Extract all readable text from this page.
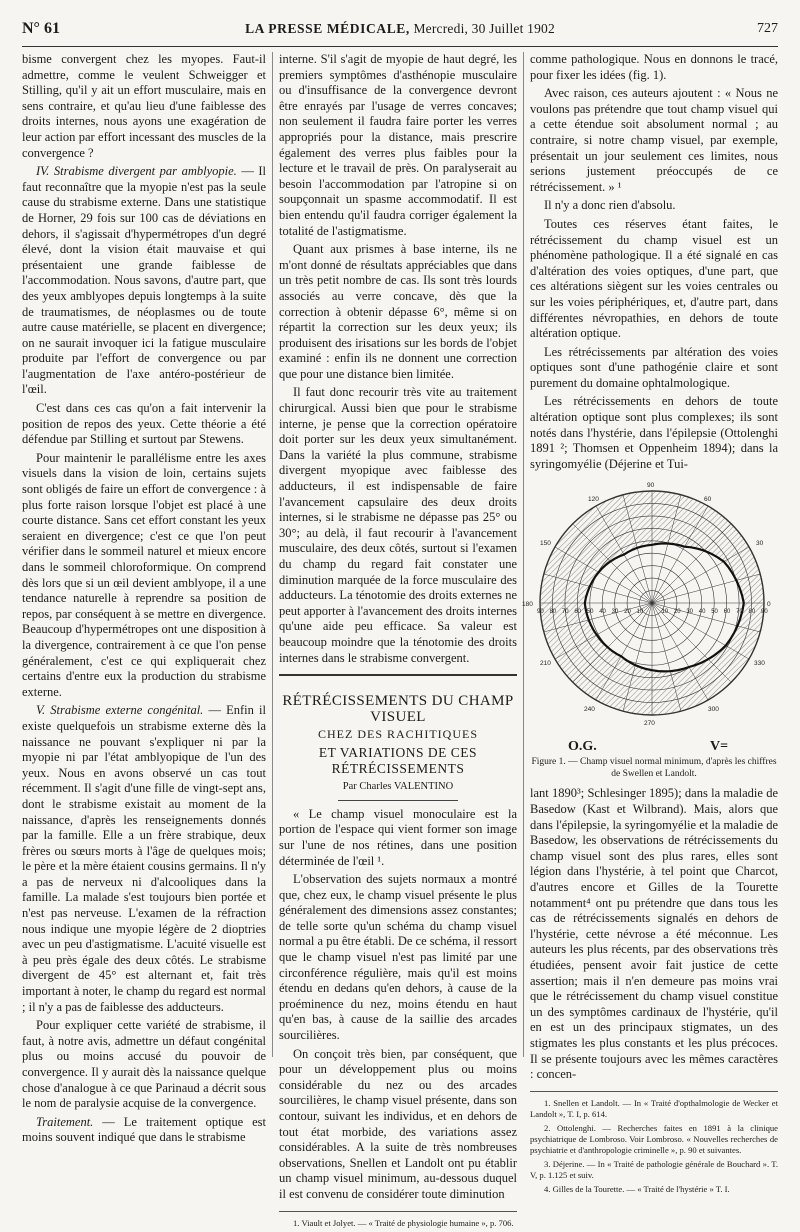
N° 61	LA PRESSE MÉDICALE, Mercredi, 30 Juillet 1902	727

bisme convergent chez les myopes. Faut-il admettre, comme le veulent Schweigger et Stilling, qu'il y ait un effort musculaire, mais en sens contraire, et qu'au lieu d'une faiblesse des droits internes, nous ayons une exagération de leur action par effort incessant des muscles de la convergence ?

IV. Strabisme divergent par amblyopie. — Il faut reconnaître que la myopie n'est pas la seule cause du strabisme externe. Dans une statistique de Horner, 29 fois sur 100 cas de déviations en dehors, il s'agissait d'hypermétropes d'un degré élevé, dont la vision était mauvaise et qui présentaient une grande faiblesse de l'accommodation. Nous savons, d'autre part, que des yeux amblyopes depuis longtemps à la suite de traumatismes, de néoplasmes ou de toute autre cause matérielle, se placent en divergence; on ne saurait invoquer ici la fatigue musculaire produite par l'effort de convergence ou par l'augmentation de l'axe antéro-postérieur de l'œil.

C'est dans ces cas qu'on a fait intervenir la position de repos des yeux. Cette théorie a été défendue par Stilling et surtout par Stewens.

Pour maintenir le parallélisme entre les axes visuels dans la vision de loin, certains sujets sont obligés de faire un effort de convergence : à plus forte raison lorsque l'objet est placé à une courte distance. Sans cet effort constant les yeux seraient en divergence; c'est ce que l'on peut vérifier dans le sommeil naturel et mieux encore dans le sommeil chloroformique. On comprend dès lors que si un œil devient amblyope, il a une tendance naturelle à reprendre sa position de repos, par conséquent à se mettre en divergence. Beaucoup d'hypermétropes ont une disposition à la divergence, contrairement à ce que l'on pense généralement, c'est ce qui expliquerait chez certains d'entre eux la production du strabisme externe.

V. Strabisme externe congénital. — Enfin il existe quelquefois un strabisme externe dès la naissance ne pouvant s'expliquer ni par la myopie ni par l'état amblyopique de l'un des yeux. Nous en avons observé un cas tout récemment. Il s'agit d'une fille de vingt-sept ans, dont le strabisme existait au moment de la naissance, d'après les renseignements donnés par la famille. Elle a un frère strabique, deux frères ou sœurs morts à l'âge de quelques mois; le père et la mère étaient cousins germains. Il n'y a pas de nerveux ni d'alcooliques dans la famille. La malade s'est toujours bien portée et n'est pas nerveuse. L'examen de la réfraction nous indique une myopie légère de 2 dioptries avec un peu d'astigmatisme. L'acuité visuelle est à peu près égale des deux côtés. Le strabisme divergent de 45° est alternant et, fait très important à noter, le champ du regard est normal ; il n'y a pas de faiblesse des adducteurs.

Pour expliquer cette variété de strabisme, il faut, à notre avis, admettre un défaut congénital plus ou moins accusé du pouvoir de convergence. Il y aurait dès la naissance quelque chose d'analogue à ce que Parinaud a décrit sous le nom de paralysie acquise de la convergence.

Traitement. — Le traitement optique est moins souvent indiqué que dans le strabisme

interne. S'il s'agit de myopie de haut degré, les premiers symptômes d'asthénopie musculaire ou d'insuffisance de la convergence devront être enrayés par l'usage de verres concaves; non seulement il faudra faire porter les verres appropriés pour la distance, mais prescrire également des verres plus faibles pour la lecture et le travail de près. On paralyserait au besoin l'accommodation par l'atropine si on soupçonnait un spasme accommodatif. Il est bien entendu qu'il faudra corriger également la totalité de l'astigmatisme.

Quant aux prismes à base interne, ils ne m'ont donné de résultats appréciables que dans un très petit nombre de cas. Ils sont très lourds associés au verre concave, dès que la correction à obtenir dépasse 6°, même si on répartit la correction sur les deux yeux; ils produisent des irisations sur les bords de l'objet examiné : enfin ils ne donnent une correction que pour une distance bien limitée.

Il faut donc recourir très vite au traitement chirurgical. Aussi bien que pour le strabisme interne, je pense que la correction opératoire doit porter sur les deux yeux simultanément. Dans la variété la plus commune, strabisme divergent myopique avec faiblesse des adducteurs, il est indispensable de faire l'avancement capsulaire des deux droits internes, si le strabisme ne dépasse pas 25° ou 30°; au delà, il faut recourir à l'avancement musculaire, des deux côtés, surtout si l'examen du champ du regard fait constater une diminution marquée de la force musculaire des adducteurs. La ténotomie des droits externes ne peut apporter à l'avancement des droits internes qu'une aide peu efficace. Sa valeur est beaucoup moindre que la ténotomie des droits internes dans le strabisme convergent.

RÉTRÉCISSEMENTS DU CHAMP VISUEL
CHEZ DES RACHITIQUES
ET VARIATIONS DE CES RÉTRÉCISSEMENTS
Par Charles VALENTINO

« Le champ visuel monoculaire est la portion de l'espace qui vient former son image sur l'une de nos rétines, dans une position déterminée de l'œil ¹.

L'observation des sujets normaux a montré que, chez eux, le champ visuel présente le plus généralement des dimensions assez constantes; de telle sorte qu'un schéma du champ visuel normal a pu être établi. De ce schéma, il ressort que le champ visuel n'est pas limité par une circonférence régulière, mais qu'il est moins étendu en dedans qu'en dehors, à cause de la proéminence du nez, moins étendu en haut qu'en bas, à cause de la saillie des arcades sourcilières.

On conçoit très bien, par conséquent, que pour un développement plus ou moins considérable du nez ou des arcades sourcilières, le champ visuel présente, dans son contour, suivant les individus, et en dehors de tout état morbide, des variations assez considérables. A la suite de très nombreuses observations, Snellen et Landolt ont pu établir un champ visuel minimum, au-dessous duquel il est convenu de considérer toute diminution

1. Viault et Jolyet. — « Traité de physiologie humaine », p. 706.

comme pathologique. Nous en donnons le tracé, pour fixer les idées (fig. 1).

Avec raison, ces auteurs ajoutent : « Nous ne voulons pas prétendre que tout champ visuel qui a cette étendue soit absolument normal ; au contraire, si notre champ visuel, par exemple, présentait un jour seulement ces limites, nous serions justement préoccupés de ce rétrécissement. » ¹

Il n'y a donc rien d'absolu.

Toutes ces réserves étant faites, le rétrécissement du champ visuel est un phénomène pathologique. Il a été signalé en cas d'altération des voies optiques, d'une part, que ces altérations siègent sur les voies centrales ou sur les voies périphériques, et, d'autre part, dans différentes névropathies, en dehors de toute altération optique.

Les rétrécissements par altération des voies optiques sont d'une pathogénie claire et sont purement du domaine ophtalmologique.

Les rétrécissements en dehors de toute altération optique sont plus complexes; ils sont notés dans l'hystérie, dans l'épilepsie (Ottolenghi 1891 ²; Thomsen et Oppenheim 1894); dans la syringomyélie (Déjerine et Tui-

90
90	80
80	70
70	60
60	50
50	40
40	30
30	20
20	10
10
90
270
0
180
120	60
150	30
210	330
240	300
O.G.	V=
Figure 1. — Champ visuel normal minimum, d'après les chiffres de Swellen et Landolt.

lant 1890³; Schlesinger 1895); dans la maladie de Basedow (Kast et Wilbrand). Mais, alors que dans l'épilepsie, la syringomyélie et la maladie de Basedow, les observations de rétrécissements du champ visuel sont des plus rares, elles sont légion dans l'hystérie, à tel point que Charcot, d'autres encore et Gilles de la Tourette notamment⁴ ont pu prétendre que dans tous les cas de rétrécissements signalés en dehors de l'hystérie, cette névrose a été méconnue. Les auteurs les plus récents, par des observations très étudiées, pensent avoir fait justice de cette assertion; mais il n'en demeure pas moins vrai que le rétrécissement du champ visuel constitue un des symptômes cardinaux de l'hystérie, qu'il en est un des principaux stigmates, un des stigmates les plus constants et les plus précoces. Il se présente toujours avec les mêmes caractères : concen-

1. Snellen et Landolt. — In « Traité d'opthalmologie de Wecker et Landolt », T. I, p. 614.

2. Ottolenghi. — Recherches faites en 1891 à la clinique psychiatrique de Lombroso. Voir Lombroso. « Nouvelles recherches de psychiatrie et d'anthropologie criminelle », p. 90 et suivantes.

3. Déjerine. — In « Traité de pathologie générale de Bouchard ». T. V, p. 1.125 et suiv.

4. Gilles de la Tourette. — « Traité de l'hystérie » T. I.
